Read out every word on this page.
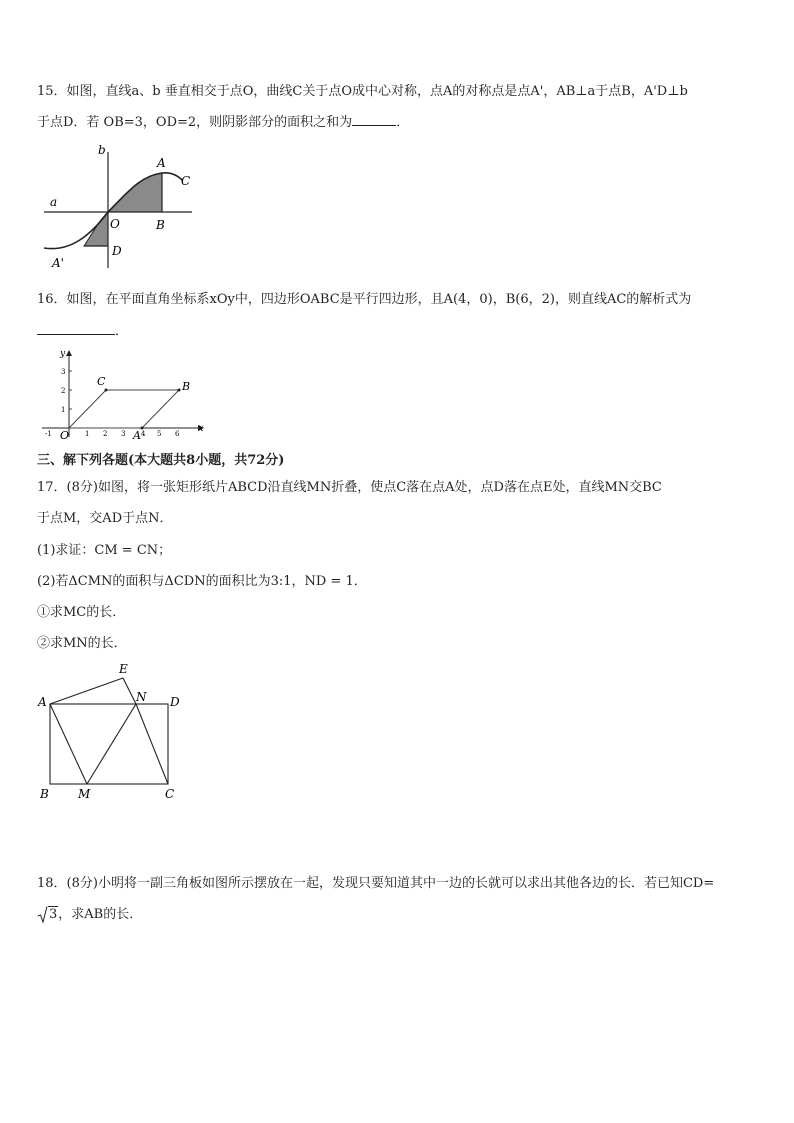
15．如图，直线a、b 垂直相交于点O，曲线C关于点O成中心对称，点A的对称点是点A'，AB⊥a于点B，A'D⊥b
于点D．若 OB=3，OD=2，则阴影部分的面积之和为	．
b
A
C
a
O	B
D
A'
16．如图，在平面直角坐标系xOy中，四边形OABC是平行四边形，且A(4，0)，B(6，2)，则直线AC的解析式为
．
y
x
3
2
1
-1	1 2 3 4 5 6
O	A
B
C
三、解下列各题(本大题共8小题，共72分)
17．(8分)如图，将一张矩形纸片ABCD沿直线MN折叠，使点C落在点A处，点D落在点E处，直线MN交BC
于点M，交AD于点N．
(1)求证：CM = CN；
(2)若ΔCMN的面积与ΔCDN的面积比为3:1，ND = 1．
①求MC的长．
②求MN的长．
E
A	N D
B M	C
18．(8分)小明将一副三角板如图所示摆放在一起，发现只要知道其中一边的长就可以求出其他各边的长．若已知CD=
3，求AB的长．
